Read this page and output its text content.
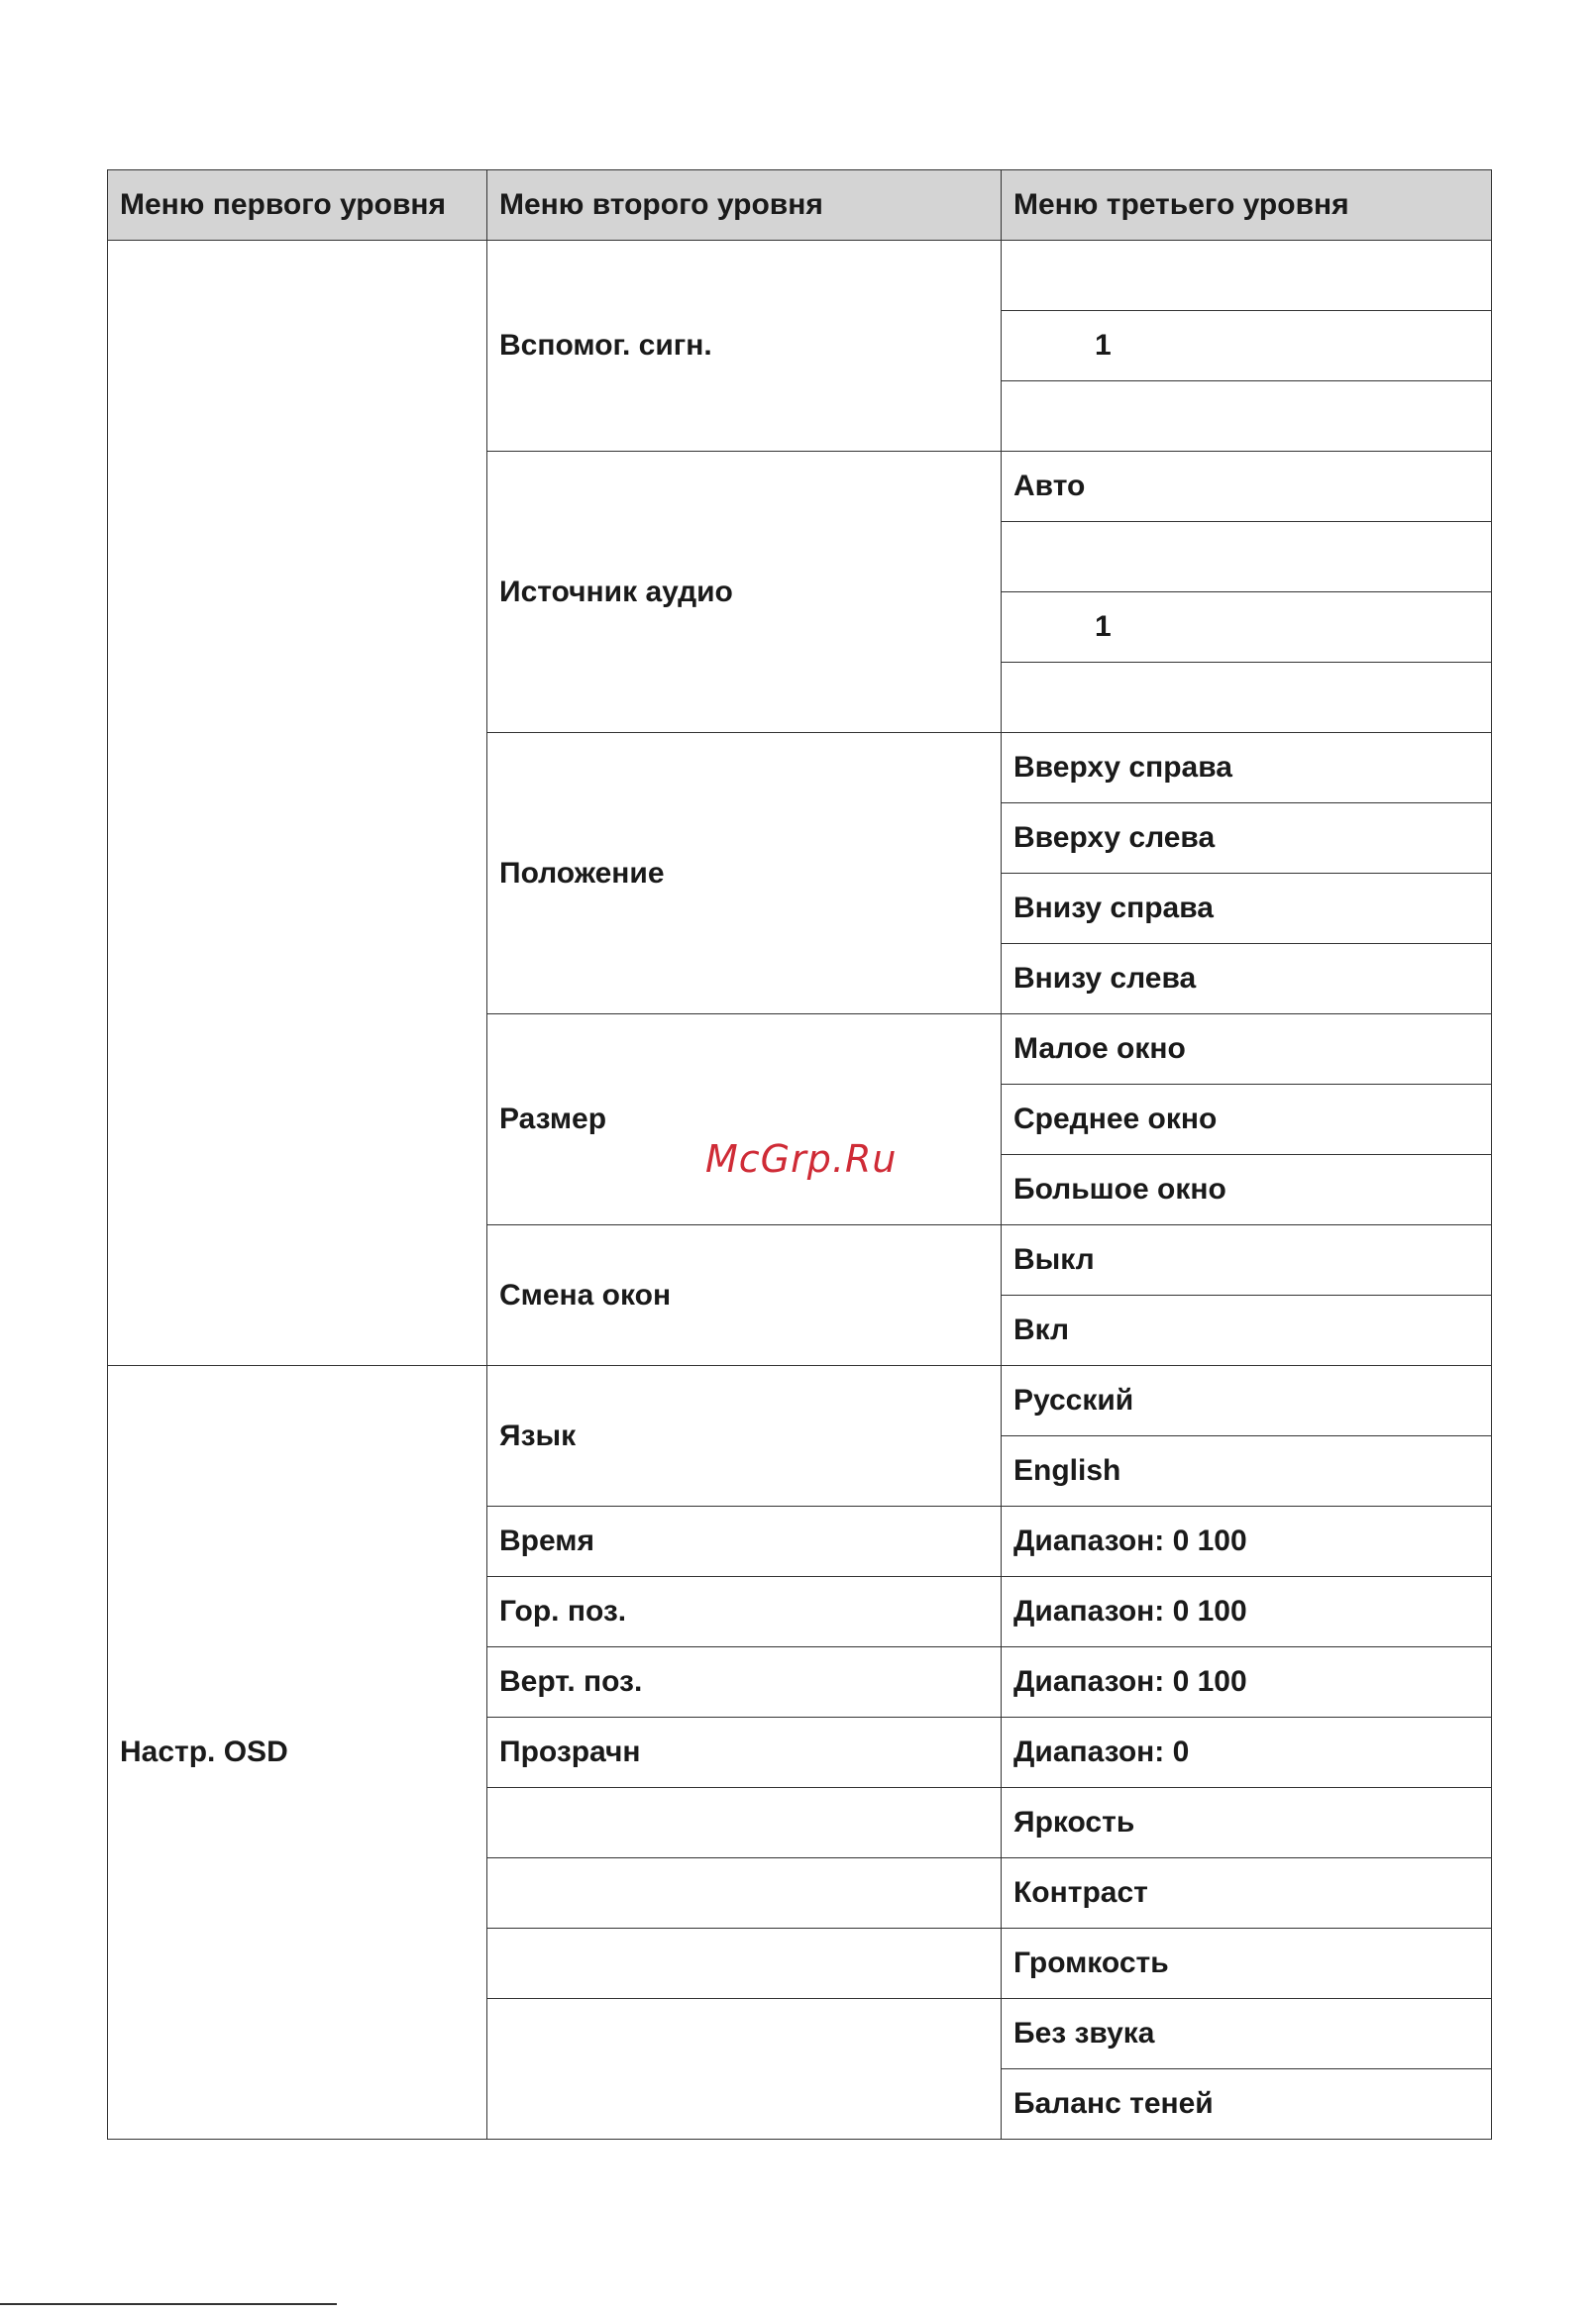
Меню первого уровня	Меню второго уровня	Меню третьего уровня
	Вспомог. сигн.	
		1

	Источник аудио	Авто

		1

	Положение	Вверху справа
		Вверху слева
		Внизу справа
		Внизу слева
	Размер	Малое окно
		Среднее окно
		Большое окно
	Смена окон	Выкл
		Вкл
Настр. OSD	Язык	Русский
		English
	Время	Диапазон: 0 100
	Гор. поз.	Диапазон: 0 100
	Верт. поз.	Диапазон: 0 100
	Прозрачн	Диапазон: 0
		Яркость
		Контраст
		Громкость
		Без звука
		Баланс теней
McGrp.Ru
